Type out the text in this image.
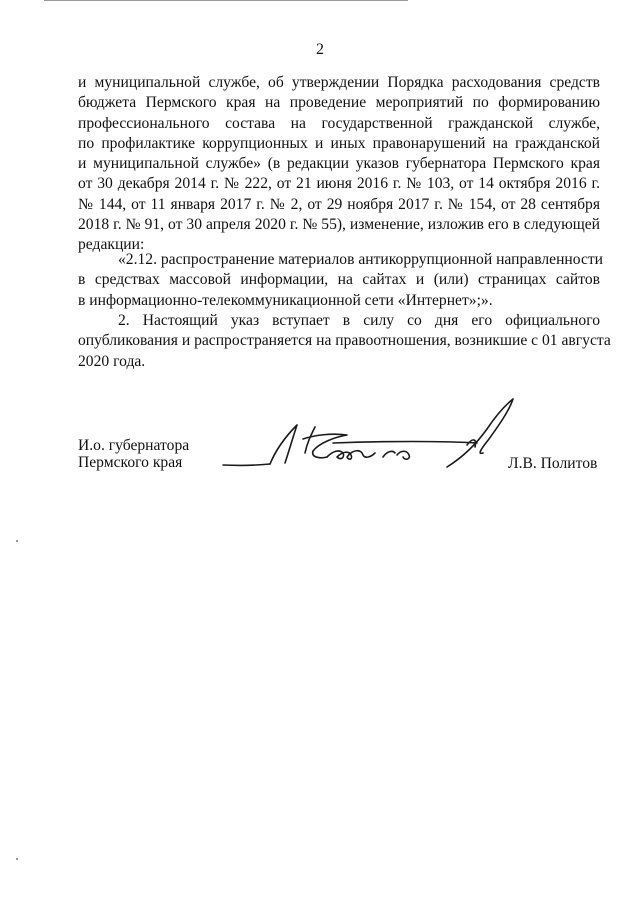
2
и муниципальной службе, об утверждении Порядка расходования средств
бюджета Пермского края на проведение мероприятий по формированию
профессионального состава на государственной гражданской службе,
по профилактике коррупционных и иных правонарушений на гражданской
и муниципальной службе» (в редакции указов губернатора Пермского края
от 30 декабря 2014 г. № 222, от 21 июня 2016 г. № 103, от 14 октября 2016 г.
№ 144, от 11 января 2017 г. № 2, от 29 ноября 2017 г. № 154, от 28 сентября
2018 г. № 91, от 30 апреля 2020 г. № 55), изменение, изложив его в следующей
редакции:
«2.12. распространение материалов антикоррупционной направленности
в средствах массовой информации, на сайтах и (или) страницах сайтов
в информационно-телекоммуникационной сети «Интернет»;».
2. Настоящий указ вступает в силу со дня его официального
опубликования и распространяется на правоотношения, возникшие с 01 августа
2020 года.
И.о. губернатора
Пермского края	Л.В. Политов
